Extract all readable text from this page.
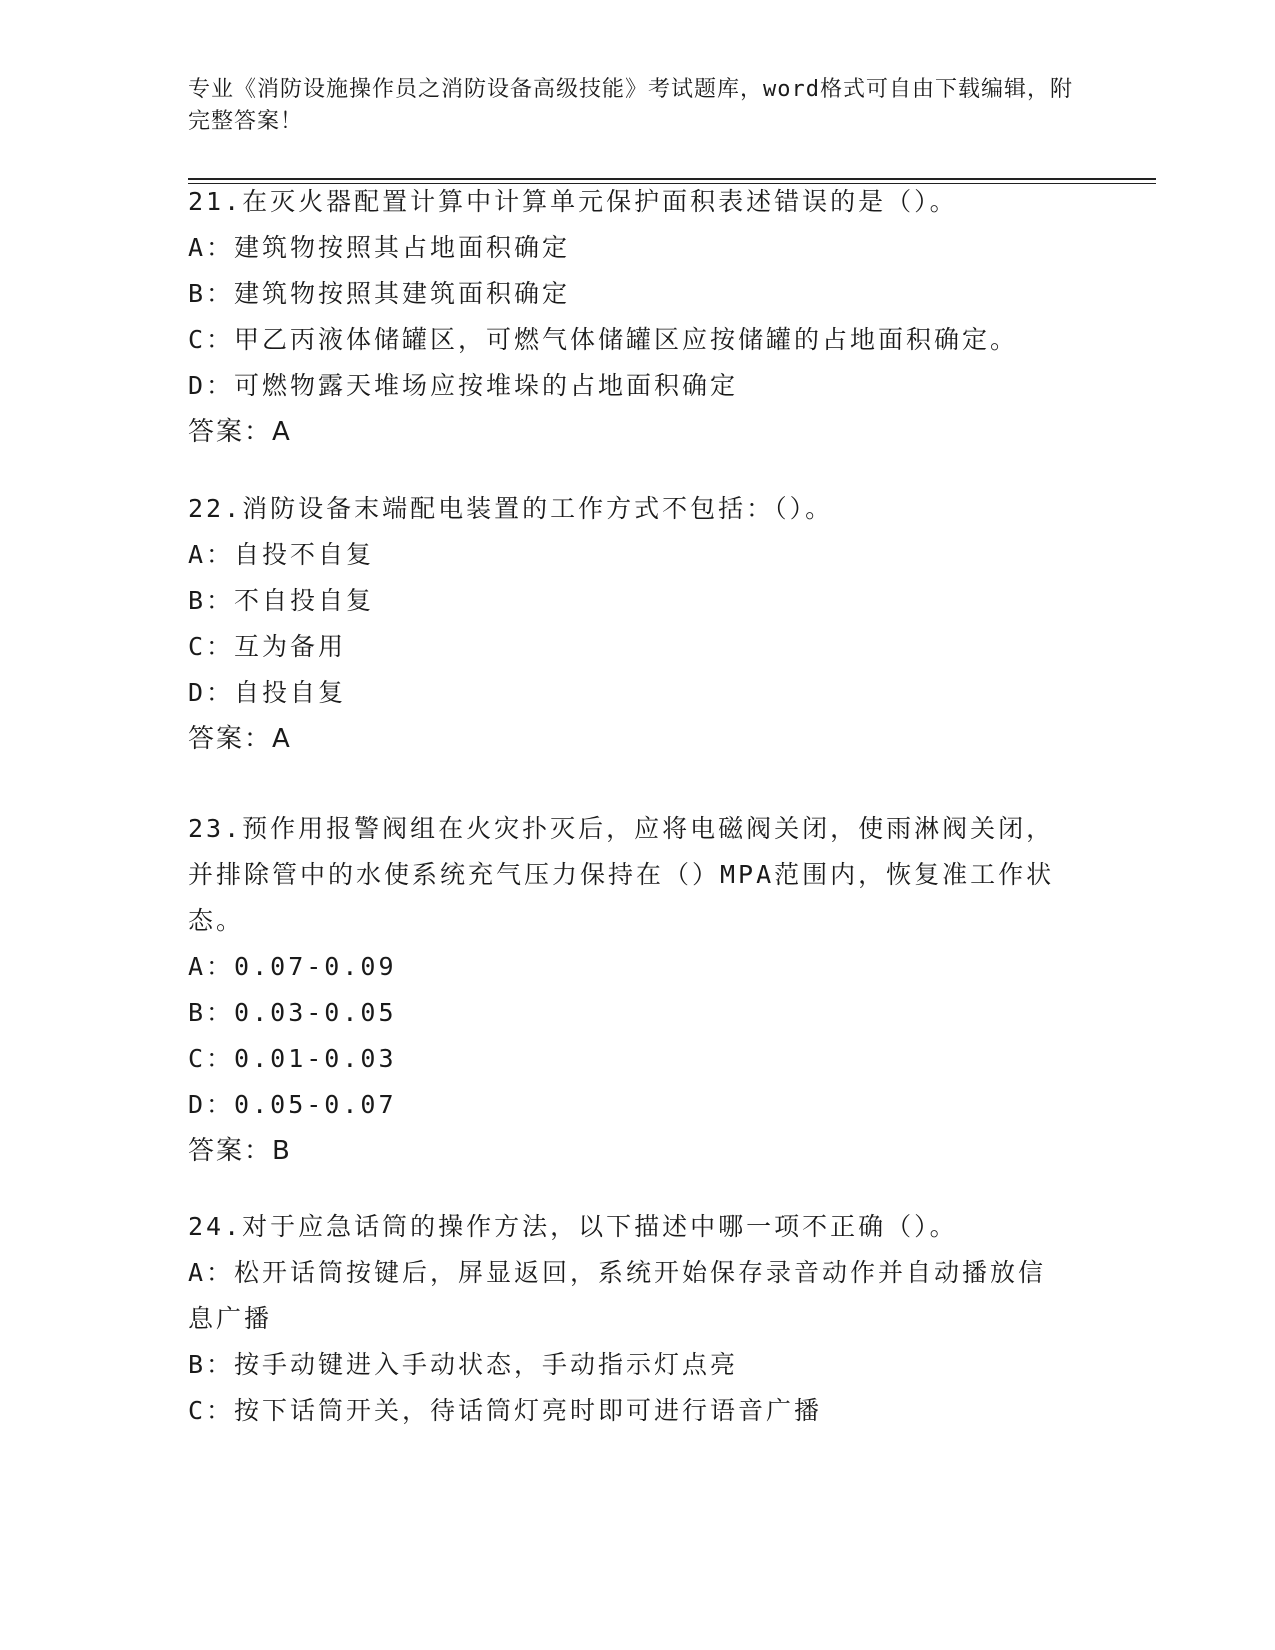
专业《消防设施操作员之消防设备高级技能》考试题库，word格式可自由下载编辑，附完整答案！
21.在灭火器配置计算中计算单元保护面积表述错误的是（）。
A：建筑物按照其占地面积确定
B：建筑物按照其建筑面积确定
C：甲乙丙液体储罐区，可燃气体储罐区应按储罐的占地面积确定。
D：可燃物露天堆场应按堆垛的占地面积确定
答案：A
22.消防设备末端配电装置的工作方式不包括：（）。
A：自投不自复
B：不自投自复
C：互为备用
D：自投自复
答案：A
23.预作用报警阀组在火灾扑灭后，应将电磁阀关闭，使雨淋阀关闭，
并排除管中的水使系统充气压力保持在（）MPA范围内，恢复准工作状
态。
A：0.07-0.09
B：0.03-0.05
C：0.01-0.03
D：0.05-0.07
答案：B
24.对于应急话筒的操作方法，以下描述中哪一项不正确（）。
A：松开话筒按键后，屏显返回，系统开始保存录音动作并自动播放信
息广播
B：按手动键进入手动状态，手动指示灯点亮
C：按下话筒开关，待话筒灯亮时即可进行语音广播
